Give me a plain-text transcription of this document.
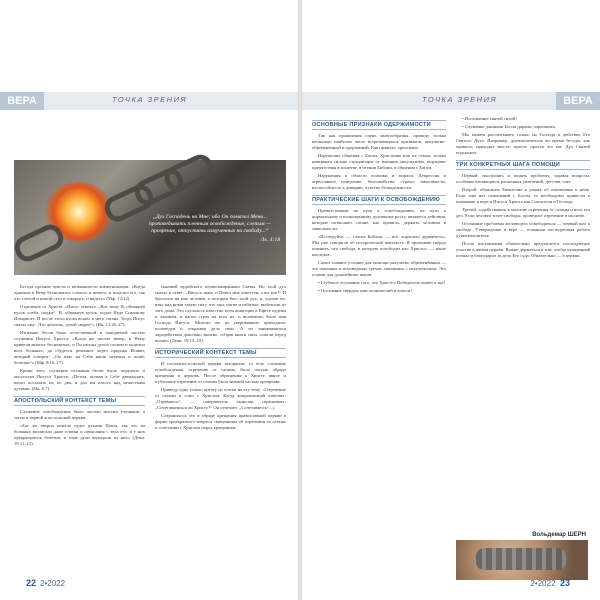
ТОЧКА ЗРЕНИЯ
ВЕРА
„Дух Господень на Мне; ибо Он помазал Меня... проповедывать пленным освобождение, слепым — прозрение, отпустить измученных на свободу...“
Лк. 4:18

Беседа органов чувств и возможности коммуникации: «Когда приняли к Нему бесноватого слепого и немого, и исцелил его, так что слепой и немой стал и говорить, и видеть» (Мф. 12:22).

Отречение от Христа: «Иисус отвечал: „Вот, кому Я, обмакнув кусок хлеба, подам“. И, обмакнув кусок, подал Иуде Симонову Искариоту. И после этого куска вошёл в него сатана. Тогда Иисус сказал ему: „Что делаешь, делай скорее“» (Ин. 13:26–27).

Изгнание бесов было естественной и ожидаемой частью служения Иисуса Христа: «Когда же настал вечер, к Нему привели многих бесноватых, и Он изгнал духов словом и исцелил всех больных, да сбудется реченное через пророка Исаию, который говорит: „Он взял на Себя наши немощи и понёс болезни“» (Мф. 8:16–17).

Кроме того, служение изгнания бесов было поручено и апостолам Иисуса Христа: «Потом, позвав к Себе двенадцать, начал посылать их по два, и дал им власть над нечистыми духами» (Мк. 6:7).

АПОСТОЛЬСКИЙ КОНТЕКСТ ТЕМЫ

Служение освобождения было частью миссии учеников, а затем и первой апостольской церкви.

«Бог же творил немало чудес руками Павла, так что на больных возлагали даже платки и опоясания с тела его, и у них прекращались болезни, и злые духи выходили из них» (Деян. 19:11–12).

сыновей иудейского первосвященника Скевы. Но злой дух сказал в ответ: „Иисуса знаю, и Павел мне известен, а вы кто?“ И бросился на них человек, в котором был злой дух, и, одолев их, взял над ними такую силу, что они, нагие и избитые, выбежали из того дома. Это сделалось известно всем живущим в Ефесе иудеям и эллинам, и напал страх на всех их, и величаемо было имя Господа Иисуса. Многие же из уверовавших приходили, исповедуя и открывая дела свои. А из занимавшихся чародейством довольно многие, собрав книги свои, сожгли перед всеми» (Деян. 19:13–19).

ИСТОРИЧЕСКИЙ КОНТЕКСТ ТЕМЫ

В послеапостольской церкви экзорцизм, то есть служение освобождения, отречение от сатаны, было частью обряда крещения в церковь. После обращения к Христу явное и публичное отречение от сатаны было важной частью крещения.

Приведу одну только цитату из статьи на эту тему: «Отречение от сатаны и союз с Христом. Когда вопрошаемый отвечает: „Отрекаюсь“, — совершитель таинства спрашивает: „Сочетаваешься ли Христу?“ Он отвечает: „Сочетаваюсь“...»

Сохранилось это в обряде крещения православной церкви в форме троекратного вопроса священника об отречении от сатаны и сочетании с Христом перед крещением.

22 2•2022
ТОЧКА ЗРЕНИЯ	ВЕРА
ОСНОВНЫЕ ПРИЗНАКИ ОДЕРЖИМОСТИ

Так как проявления очень многообразны, приведу только несколько наиболее часто встречающихся признаков: оккультно-обременённый и одержимый. Как правило, христиане.

Нарушение общения с Богом. Христиане или их семьи, только наверняка сильно страдающие от влияния оккультизма, ощущают препятствия в молитве, в чтении Библии, в общении с Богом.

Нарушения в области психики и морали. Депрессия и агрессивное поведение, беспокойство, страхи, зависимости, неспособность к доверию, чувство безнадёжности.

ПРАКТИЧЕСКИЕ ШАГИ К ОСВОБОЖДЕНИЮ

Препятствиями на пути к освобождению, на пути к нормальному и полноценному духовному росту, являются действия, которые позволяют сатане, как правило, держать человека в зависимости.

«Исследуйте, — гласит Библия, — всё, хорошего держитесь». Мы уже говорили об исторической контексте. Я призываю твёрдо помнить, что свобода, в которую освободил нас Христос, — наше наследие.

Самое главное условие для помощи оккультно обременённым — это покаяние и исповедание грехов, связанных с оккультизмом. Это основа для дальнейших шагов.

• Глубокое осознание того, что Христос Победитель живёт в нас!

• Осознание твёрдых нам полномочий и власти!

• Исполнение святой силой!

• Служение данными Богом дарами, харизмами.

Мы можем рассчитывать только на Господа и действие Его Святого Духа. Например, душепопечитель во время беседы, как правило, приходит мысль: просто прочти это им. Дух Святой подскажет.

ТРИ КОНКРЕТНЫХ ШАГА ПОМОЩИ

Первый: выслушать и понять проблему, задавая вопросы, особенно касающиеся различных увлечений, детства, сект.

Второй: объяснить Евангелие и узнать об отношении к нему. Если ещё нет отношений с Богом, то необходимо привести к покаянию и вере в Иисуса Христа как Спасителя и Господа.

Третий: содействовать в молитве отречения от сатаны и всех его дел. Если человек хочет свободы, проведите отречение в молитве.

Осознание проблемы желающего освободиться — первый шаг к свободе. Утверждение в вере — основная последующая работа душепопечителя.

После наставления обязательно предлагается последующее участие в жизни церкви. Важно держаться в том, чтобы очищенный познал и благодарил за дело Его суда. Обязательно — в церкви.

Вольдемар ШЕРН
2•2022 23
